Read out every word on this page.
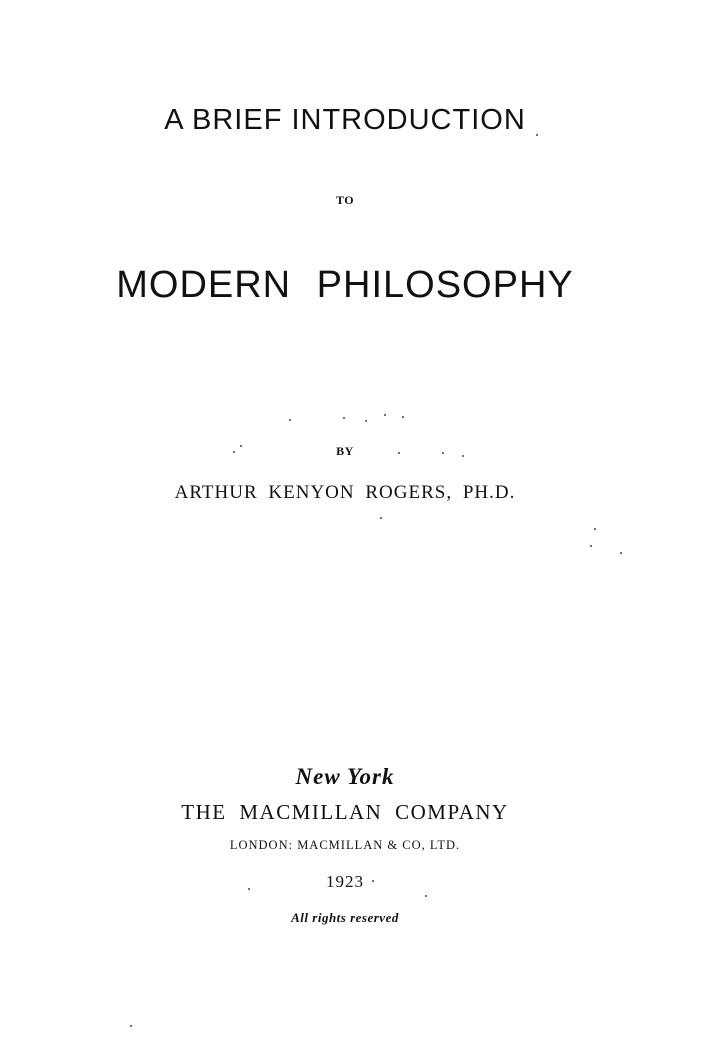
A BRIEF INTRODUCTION

TO

MODERN PHILOSOPHY

BY

ARTHUR KENYON ROGERS, PH.D.

New York

THE MACMILLAN COMPANY

LONDON: MACMILLAN & CO, LTD.

1923

All rights reserved
